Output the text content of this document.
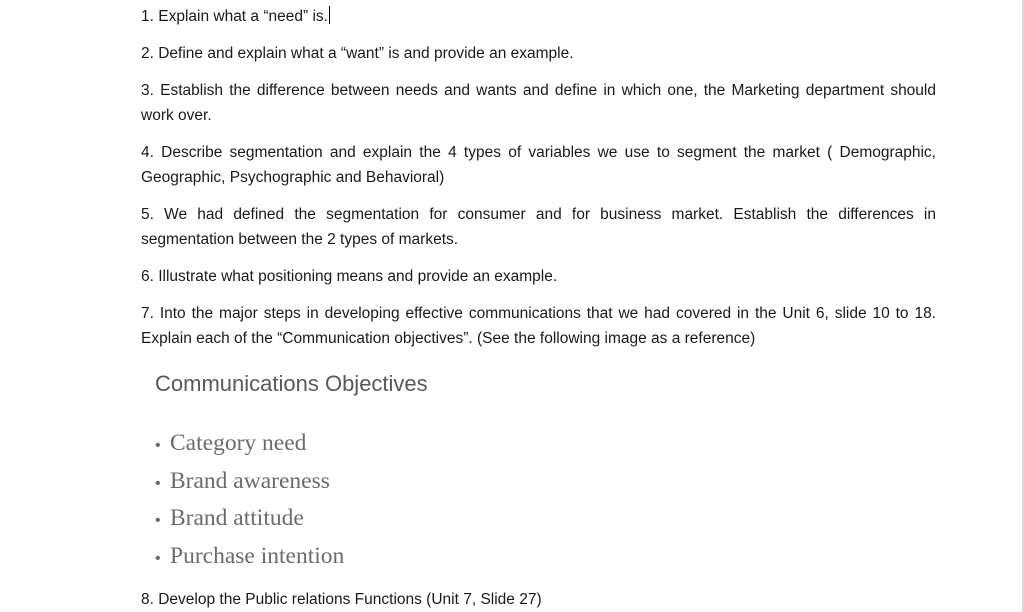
1. Explain what a “need” is.

2. Define and explain what a “want” is and provide an example.

3. Establish the difference between needs and wants and define in which one, the Marketing department should work over.

4. Describe segmentation and explain the 4 types of variables we use to segment the market ( Demographic, Geographic, Psychographic and Behavioral)

5. We had defined the segmentation for consumer and for business market. Establish the differences in segmentation between the 2 types of markets.

6. Illustrate what positioning means and provide an example.

7. Into the major steps in developing effective communications that we had covered in the Unit 6, slide 10 to 18. Explain each of the “Communication objectives”. (See the following image as a reference)

Communications Objectives
• Category need
• Brand awareness
• Brand attitude
• Purchase intention

8. Develop the Public relations Functions (Unit 7, Slide 27)
